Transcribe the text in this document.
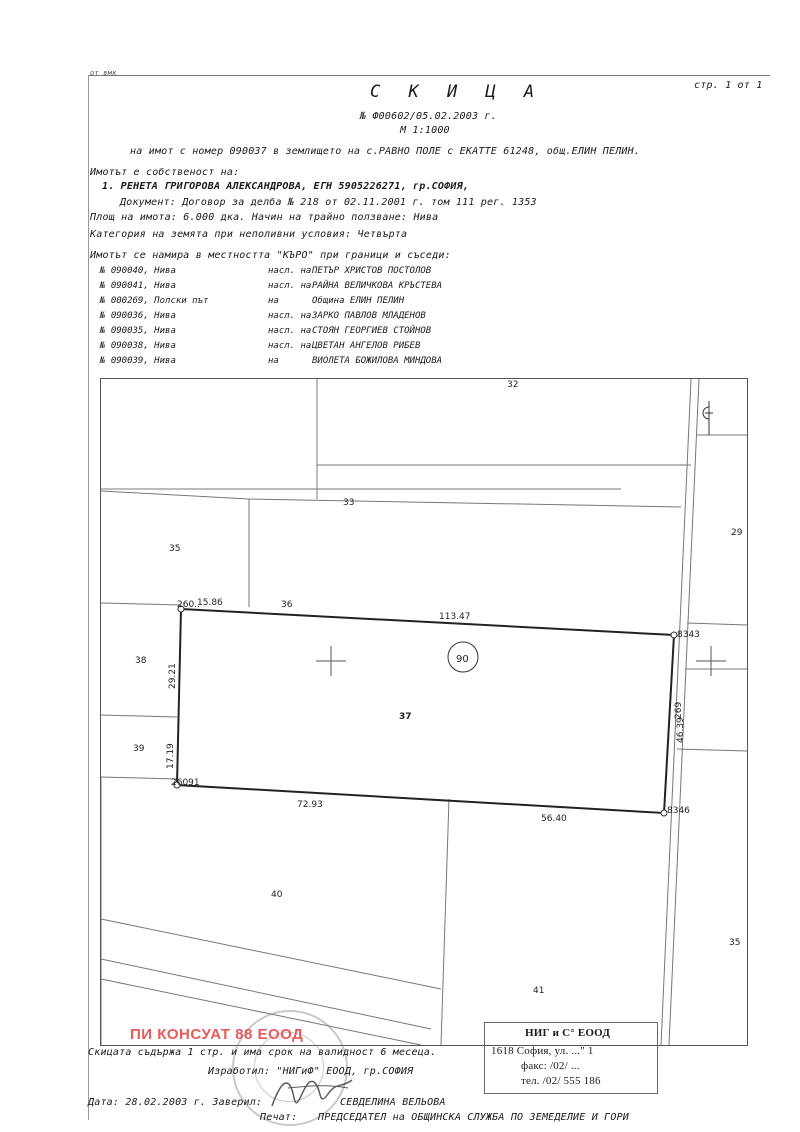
от вмк
стр. 1 от 1
С К И Ц А
№ Ф00602/05.02.2003 г.
М 1:1000
на имот с номер 090037 в землището на с.РАВНО ПОЛЕ с ЕКАТТЕ 61248, общ.ЕЛИН ПЕЛИН.
Имотът е собственост на:
1. РЕНЕТА ГРИГОРОВА АЛЕКСАНДРОВА, ЕГН 5905226271, гр.СОФИЯ,
Документ: Договор за делба № 218 от 02.11.2001 г. том 111 рег. 1353
Площ на имота: 6.000 дка. Начин на трайно ползване: Нива
Категория на земята при неполивни условия: Четвърта
Имотът се намира в местността "КЪРО" при граници и съседи:
№ 090040, Нива	насл. на ПЕТЪР ХРИСТОВ ПОСТОЛОВ
№ 090041, Нива	насл. на РАЙНА ВЕЛИЧКОВА КРЪСТЕВА
№ 000269, Полски път	на	Община ЕЛИН ПЕЛИН
№ 090036, Нива	насл. на ЗАРКО ПАВЛОВ МЛАДЕНОВ
№ 090035, Нива	насл. на СТОЯН ГЕОРГИЕВ СТОЙНОВ
№ 090038, Нива	насл. на ЦВЕТАН АНГЕЛОВ РИБЕВ
№ 090039, Нива	на	ВИОЛЕТА БОЖИЛОВА МИНДОВА
90
32
33
29
35
36
38
39
40
41
35
37
15.86
113.47
29.21
17.19
72.93
56.40
46.39
260..
8343
26091
8346
269
ПИ КОНСУАТ 88 ЕООД
Скицата съдържа 1 стр. и има срок на валидност 6 месеца.
Изработил: "НИГиФ" ЕООД, гр.СОФИЯ
Дата: 28.02.2003 г. Заверил:	СЕВДЕЛИНА ВЕЛЬОВА
Печат: ПРЕДСЕДАТЕЛ на ОБЩИНСКА СЛУЖБА ПО ЗЕМЕДЕЛИЕ И ГОРИ
НИГ и С° ЕООД
1618 София, ул. ..." 1
факс: /02/ ...
тел. /02/ 555 186
